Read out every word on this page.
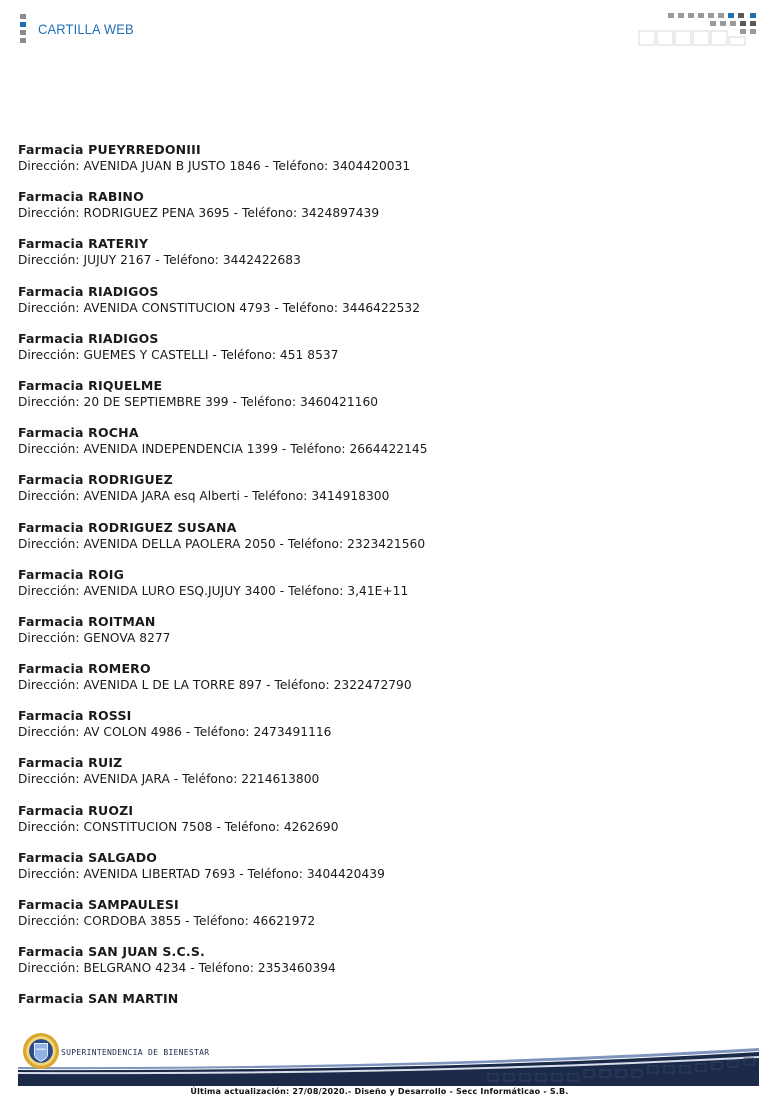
CARTILLA WEB
Farmacia PUEYRREDONIII
Dirección: AVENIDA JUAN B JUSTO 1846 - Teléfono: 3404420031
Farmacia RABINO
Dirección: RODRIGUEZ PENA 3695 - Teléfono: 3424897439
Farmacia RATERIY
Dirección: JUJUY 2167 - Teléfono: 3442422683
Farmacia RIADIGOS
Dirección: AVENIDA CONSTITUCION 4793 - Teléfono: 3446422532
Farmacia RIADIGOS
Dirección: GUEMES Y CASTELLI - Teléfono: 451 8537
Farmacia RIQUELME
Dirección: 20 DE SEPTIEMBRE 399 - Teléfono: 3460421160
Farmacia ROCHA
Dirección: AVENIDA INDEPENDENCIA 1399 - Teléfono: 2664422145
Farmacia RODRIGUEZ
Dirección: AVENIDA JARA esq Alberti - Teléfono: 3414918300
Farmacia RODRIGUEZ SUSANA
Dirección: AVENIDA DELLA PAOLERA 2050 - Teléfono: 2323421560
Farmacia ROIG
Dirección: AVENIDA LURO ESQ.JUJUY 3400 - Teléfono: 3,41E+11
Farmacia ROITMAN
Dirección: GENOVA 8277
Farmacia ROMERO
Dirección: AVENIDA L DE LA TORRE 897 - Teléfono: 2322472790
Farmacia ROSSI
Dirección: AV COLON 4986 - Teléfono: 2473491116
Farmacia RUIZ
Dirección: AVENIDA JARA - Teléfono: 2214613800
Farmacia RUOZI
Dirección: CONSTITUCION 7508 - Teléfono: 4262690
Farmacia SALGADO
Dirección: AVENIDA LIBERTAD 7693 - Teléfono: 3404420439
Farmacia SAMPAULESI
Dirección: CORDOBA 3855 - Teléfono: 46621972
Farmacia SAN JUAN S.C.S.
Dirección: BELGRANO 4234 - Teléfono: 2353460394
Farmacia SAN MARTIN
SUPERINTENDENCIA DE BIENESTAR
Última actualización: 27/08/2020.- Diseño y Desarrollo - Secc Informáticao - S.B.
